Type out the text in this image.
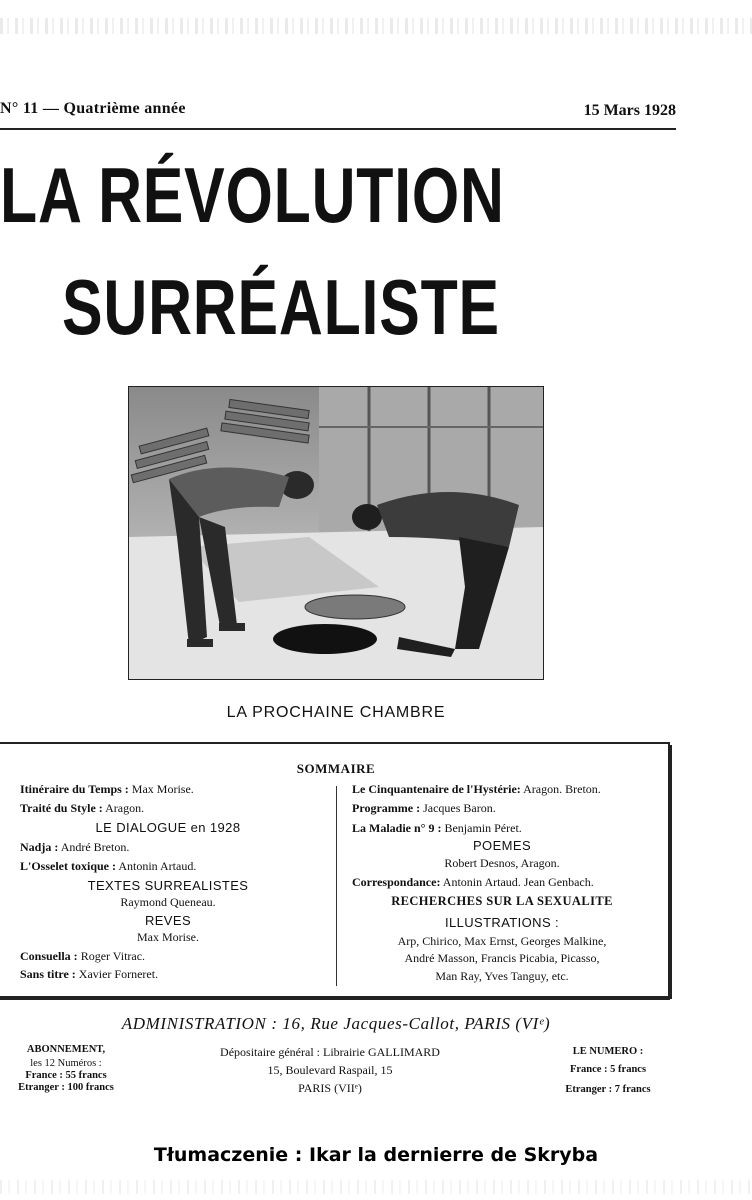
N° 11 — Quatrième année	15 Mars 1928
LA RÉVOLUTION
SURRÉALISTE
LA PROCHAINE CHAMBRE
SOMMAIRE
Itinéraire du Temps : Max Morise.
Traité du Style : Aragon.
LE DIALOGUE en 1928
Nadja : André Breton.
L'Osselet toxique : Antonin Artaud.
TEXTES SURREALISTES
Raymond Queneau.
REVES
Max Morise.
Consuella : Roger Vitrac.
Sans titre : Xavier Forneret.
Le Cinquantenaire de l'Hystérie: Aragon. Breton.
Programme : Jacques Baron.
La Maladie n° 9 : Benjamin Péret.
POEMES
Robert Desnos, Aragon.
Correspondance: Antonin Artaud. Jean Genbach.
RECHERCHES SUR LA SEXUALITE
ILLUSTRATIONS :
Arp, Chirico, Max Ernst, Georges Malkine,
André Masson, Francis Picabia, Picasso,
Man Ray, Yves Tanguy, etc.
ADMINISTRATION : 16, Rue Jacques-Callot, PARIS (VIᵉ)
ABONNEMENT,
les 12 Numéros :
France : 55 francs
Etranger : 100 francs
Dépositaire général : Librairie GALLIMARD
15, Boulevard Raspail, 15
PARIS (VIIᵉ)
LE NUMERO :
France : 5 francs
Etranger : 7 francs
Tłumaczenie : Ikar la dernierre de Skryba
